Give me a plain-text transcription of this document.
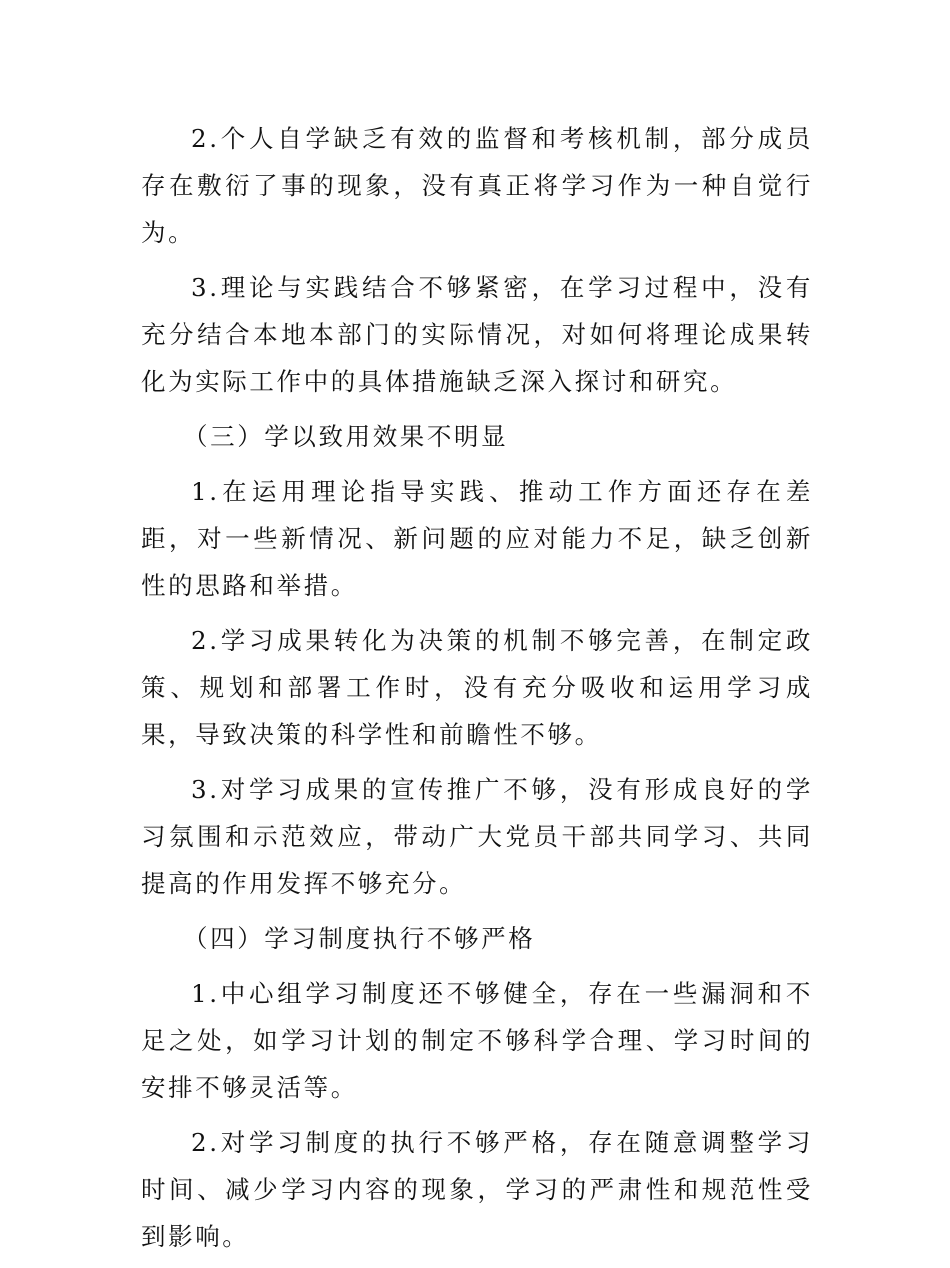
2.个人自学缺乏有效的监督和考核机制，部分成员存在敷衍了事的现象，没有真正将学习作为一种自觉行为。

3.理论与实践结合不够紧密，在学习过程中，没有充分结合本地本部门的实际情况，对如何将理论成果转化为实际工作中的具体措施缺乏深入探讨和研究。

（三）学以致用效果不明显

1.在运用理论指导实践、推动工作方面还存在差距，对一些新情况、新问题的应对能力不足，缺乏创新性的思路和举措。

2.学习成果转化为决策的机制不够完善，在制定政策、规划和部署工作时，没有充分吸收和运用学习成果，导致决策的科学性和前瞻性不够。

3.对学习成果的宣传推广不够，没有形成良好的学习氛围和示范效应，带动广大党员干部共同学习、共同提高的作用发挥不够充分。

（四）学习制度执行不够严格

1.中心组学习制度还不够健全，存在一些漏洞和不足之处，如学习计划的制定不够科学合理、学习时间的安排不够灵活等。

2.对学习制度的执行不够严格，存在随意调整学习时间、减少学习内容的现象，学习的严肃性和规范性受到影响。
